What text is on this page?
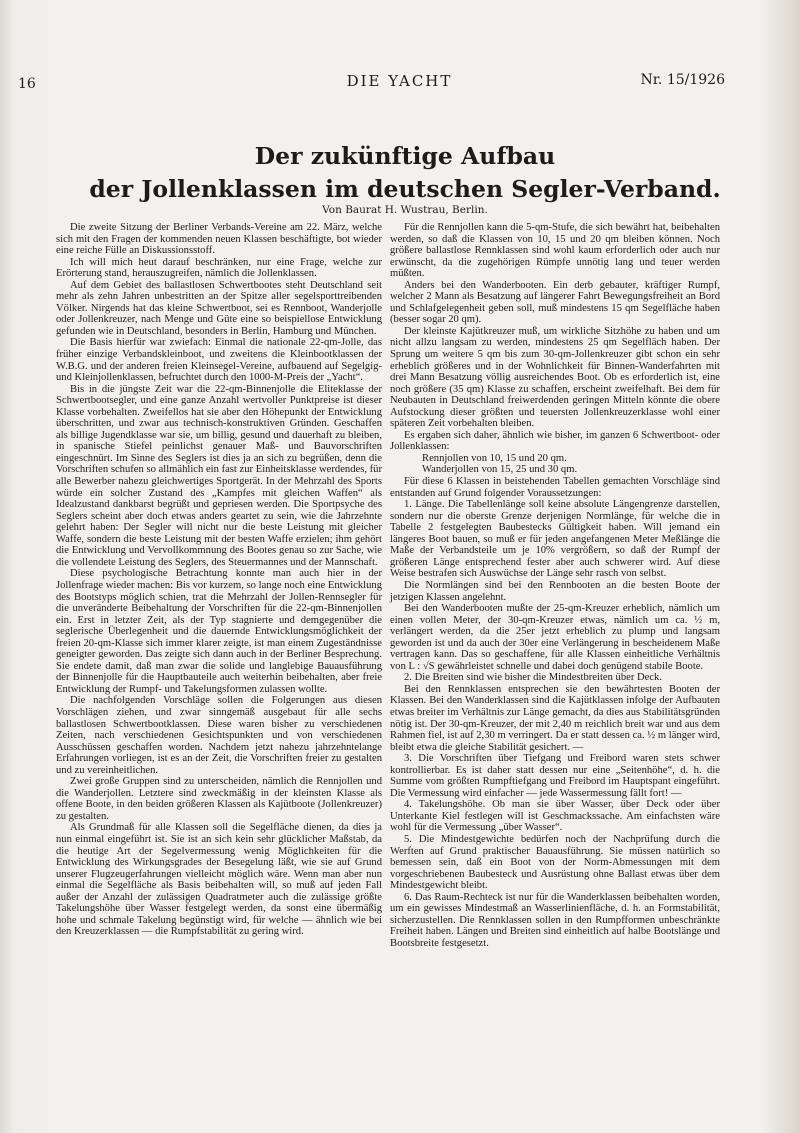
16	DIE YACHT	Nr. 15/1926
Der zukünftige Aufbau
der Jollenklassen im deutschen Segler-Verband.
Von Baurat H. Wustrau, Berlin.

Die zweite Sitzung der Berliner Verbands-Vereine am 22. März, welche sich mit den Fragen der kommenden neuen Klassen beschäftigte, bot wieder eine reiche Fülle an Diskussionsstoff.

Ich will mich heut darauf beschränken, nur eine Frage, welche zur Erörterung stand, herauszugreifen, nämlich die Jollenklassen.

Auf dem Gebiet des ballastlosen Schwertbootes steht Deutschland seit mehr als zehn Jahren unbestritten an der Spitze aller segelsporttreibenden Völker. Nirgends hat das kleine Schwertboot, sei es Rennboot, Wanderjolle oder Jollenkreuzer, nach Menge und Güte eine so beispiellose Entwicklung gefunden wie in Deutschland, besonders in Berlin, Hamburg und München.

Die Basis hierfür war zwiefach: Einmal die nationale 22-qm-Jolle, das früher einzige Verbandskleinboot, und zweitens die Kleinbootklassen der W.B.G. und der anderen freien Kleinsegel-Vereine, aufbauend auf Segelgig- und Kleinjollenklassen, befruchtet durch den 1000-M-Preis der „Yacht“.

Bis in die jüngste Zeit war die 22-qm-Binnenjolle die Eliteklasse der Schwertbootsegler, und eine ganze Anzahl wertvoller Punktpreise ist dieser Klasse vorbehalten. Zweifellos hat sie aber den Höhepunkt der Entwicklung überschritten, und zwar aus technisch-konstruktiven Gründen. Geschaffen als billige Jugendklasse war sie, um billig, gesund und dauerhaft zu bleiben, in spanische Stiefel peinlichst genauer Maß- und Bauvorschriften eingeschnürt. Im Sinne des Seglers ist dies ja an sich zu begrüßen, denn die Vorschriften schufen so allmählich ein fast zur Einheitsklasse werdendes, für alle Bewerber nahezu gleichwertiges Sportgerät. In der Mehrzahl des Sports würde ein solcher Zustand des „Kampfes mit gleichen Waffen“ als Idealzustand dankbarst begrüßt und gepriesen werden. Die Sportpsyche des Seglers scheint aber doch etwas anders geartet zu sein, wie die Jahrzehnte gelehrt haben: Der Segler will nicht nur die beste Leistung mit gleicher Waffe, sondern die beste Leistung mit der besten Waffe erzielen; ihm gehört die Entwicklung und Vervollkommnung des Bootes genau so zur Sache, wie die vollendete Leistung des Seglers, des Steuermannes und der Mannschaft.

Diese psychologische Betrachtung konnte man auch hier in der Jollenfrage wieder machen: Bis vor kurzem, so lange noch eine Entwicklung des Bootstyps möglich schien, trat die Mehrzahl der Jollen-Rennsegler für die unveränderte Beibehaltung der Vorschriften für die 22-qm-Binnenjollen ein. Erst in letzter Zeit, als der Typ stagnierte und demgegenüber die seglerische Überlegenheit und die dauernde Entwicklungsmöglichkeit der freien 20-qm-Klasse sich immer klarer zeigte, ist man einem Zugeständnisse geneigter geworden. Das zeigte sich dann auch in der Berliner Besprechung. Sie endete damit, daß man zwar die solide und langlebige Bauausführung der Binnenjolle für die Hauptbauteile auch weiterhin beibehalten, aber freie Entwicklung der Rumpf- und Takelungsformen zulassen wollte.

Die nachfolgenden Vorschläge sollen die Folgerungen aus diesen Vorschlägen ziehen, und zwar sinngemäß ausgebaut für alle sechs ballastlosen Schwertbootklassen. Diese waren bisher zu verschiedenen Zeiten, nach verschiedenen Gesichtspunkten und von verschiedenen Ausschüssen geschaffen worden. Nachdem jetzt nahezu jahrzehntelange Erfahrungen vorliegen, ist es an der Zeit, die Vorschriften freier zu gestalten und zu vereinheitlichen.

Zwei große Gruppen sind zu unterscheiden, nämlich die Rennjollen und die Wanderjollen. Letztere sind zweckmäßig in der kleinsten Klasse als offene Boote, in den beiden größeren Klassen als Kajütboote (Jollenkreuzer) zu gestalten.

Als Grundmaß für alle Klassen soll die Segelfläche dienen, da dies ja nun einmal eingeführt ist. Sie ist an sich kein sehr glücklicher Maßstab, da die heutige Art der Segelvermessung wenig Möglichkeiten für die Entwicklung des Wirkungsgrades der Besegelung läßt, wie sie auf Grund unserer Flugzeugerfahrungen vielleicht möglich wäre. Wenn man aber nun einmal die Segelfläche als Basis beibehalten will, so muß auf jeden Fall außer der Anzahl der zulässigen Quadratmeter auch die zulässige größte Takelungshöhe über Wasser festgelegt werden, da sonst eine übermäßig hohe und schmale Takelung begünstigt wird, für welche — ähnlich wie bei den Kreuzerklassen — die Rumpfstabilität zu gering wird.

Für die Rennjollen kann die 5-qm-Stufe, die sich bewährt hat, beibehalten werden, so daß die Klassen von 10, 15 und 20 qm bleiben können. Noch größere ballastlose Rennklassen sind wohl kaum erforderlich oder auch nur erwünscht, da die zugehörigen Rümpfe unnötig lang und teuer werden müßten.

Anders bei den Wanderbooten. Ein derb gebauter, kräftiger Rumpf, welcher 2 Mann als Besatzung auf längerer Fahrt Bewegungsfreiheit an Bord und Schlafgelegenheit geben soll, muß mindestens 15 qm Segelfläche haben (besser sogar 20 qm).

Der kleinste Kajütkreuzer muß, um wirkliche Sitzhöhe zu haben und um nicht allzu langsam zu werden, mindestens 25 qm Segelfläch haben. Der Sprung um weitere 5 qm bis zum 30-qm-Jollenkreuzer gibt schon ein sehr erheblich größeres und in der Wohnlichkeit für Binnen-Wanderfahrten mit drei Mann Besatzung völlig ausreichendes Boot. Ob es erforderlich ist, eine noch größere (35 qm) Klasse zu schaffen, erscheint zweifelhaft. Bei dem für Neubauten in Deutschland freiwerdenden geringen Mitteln könnte die obere Aufstockung dieser größten und teuersten Jollenkreuzerklasse wohl einer späteren Zeit vorbehalten bleiben.

Es ergaben sich daher, ähnlich wie bisher, im ganzen 6 Schwertboot- oder Jollenklassen:

Rennjollen von 10, 15 und 20 qm.

Wanderjollen von 15, 25 und 30 qm.

Für diese 6 Klassen in beistehenden Tabellen gemachten Vorschläge sind entstanden auf Grund folgender Voraussetzungen:

1. Länge. Die Tabellenlänge soll keine absolute Längengrenze darstellen, sondern nur die oberste Grenze derjenigen Normlänge, für welche die in Tabelle 2 festgelegten Baubestecks Gültigkeit haben. Will jemand ein längeres Boot bauen, so muß er für jeden angefangenen Meter Meßlänge die Maße der Verbandsteile um je 10% vergrößern, so daß der Rumpf der größeren Länge entsprechend fester aber auch schwerer wird. Auf diese Weise bestrafen sich Auswüchse der Länge sehr rasch von selbst.

Die Normlängen sind bei den Rennbooten an die besten Boote der jetzigen Klassen angelehnt.

Bei den Wanderbooten mußte der 25-qm-Kreuzer erheblich, nämlich um einen vollen Meter, der 30-qm-Kreuzer etwas, nämlich um ca. ½ m, verlängert werden, da die 25er jetzt erheblich zu plump und langsam geworden ist und da auch der 30er eine Verlängerung in bescheidenem Maße vertragen kann. Das so geschaffene, für alle Klassen einheitliche Verhältnis von L : √S gewährleistet schnelle und dabei doch genügend stabile Boote.

2. Die Breiten sind wie bisher die Mindestbreiten über Deck.

Bei den Rennklassen entsprechen sie den bewährtesten Booten der Klassen. Bei den Wanderklassen sind die Kajütklassen infolge der Aufbauten etwas breiter im Verhältnis zur Länge gemacht, da dies aus Stabilitätsgründen nötig ist. Der 30-qm-Kreuzer, der mit 2,40 m reichlich breit war und aus dem Rahmen fiel, ist auf 2,30 m verringert. Da er statt dessen ca. ½ m länger wird, bleibt etwa die gleiche Stabilität gesichert. —

3. Die Vorschriften über Tiefgang und Freibord waren stets schwer kontrollierbar. Es ist daher statt dessen nur eine „Seitenhöhe“, d. h. die Summe vom größten Rumpftiefgang und Freibord im Hauptspant eingeführt. Die Vermessung wird einfacher — jede Wassermessung fällt fort! —

4. Takelungshöhe. Ob man sie über Wasser, über Deck oder über Unterkante Kiel festlegen will ist Geschmackssache. Am einfachsten wäre wohl für die Vermessung „über Wasser“.

5. Die Mindestgewichte bedürfen noch der Nachprüfung durch die Werften auf Grund praktischer Bauausführung. Sie müssen natürlich so bemessen sein, daß ein Boot von der Norm-Abmessungen mit dem vorgeschriebenen Baubesteck und Ausrüstung ohne Ballast etwas über dem Mindestgewicht bleibt.

6. Das Raum-Rechteck ist nur für die Wanderklassen beibehalten worden, um ein gewisses Mindestmaß an Wasserlinienfläche, d. h. an Formstabilität, sicherzustellen. Die Rennklassen sollen in den Rumpfformen unbeschränkte Freiheit haben. Längen und Breiten sind einheitlich auf halbe Bootslänge und Bootsbreite festgesetzt.
